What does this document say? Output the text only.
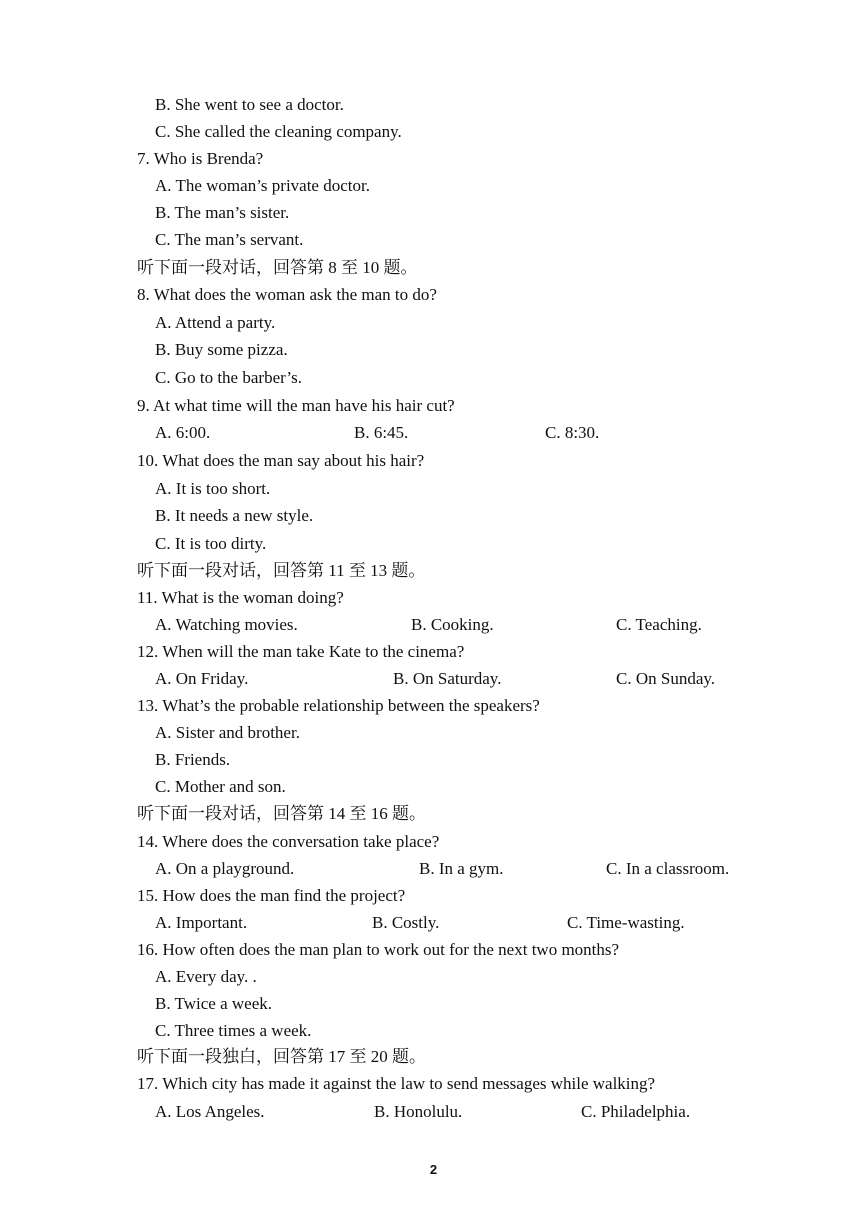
B. She went to see a doctor.
C. She called the cleaning company.
7. Who is Brenda?
A. The woman’s private doctor.
B. The man’s sister.
C. The man’s servant.
听下面一段对话，回答第 8 至 10 题。
8. What does the woman ask the man to do?
A. Attend a party.
B. Buy some pizza.
C. Go to the barber’s.
9. At what time will the man have his hair cut?
A. 6:00.	B. 6:45.	C. 8:30.
10. What does the man say about his hair?
A. It is too short.
B. It needs a new style.
C. It is too dirty.
听下面一段对话，回答第 11 至 13 题。
11. What is the woman doing?
A. Watching movies.	B. Cooking.	C. Teaching.
12. When will the man take Kate to the cinema?
A. On Friday.	B. On Saturday.	C. On Sunday.
13. What’s the probable relationship between the speakers?
A. Sister and brother.
B. Friends.
C. Mother and son.
听下面一段对话，回答第 14 至 16 题。
14. Where does the conversation take place?
A. On a playground.	B. In a gym.	C. In a classroom.
15. How does the man find the project?
A. Important.	B. Costly.	C. Time-wasting.
16. How often does the man plan to work out for the next two months?
A. Every day. .
B. Twice a week.
C. Three times a week.
听下面一段独白，回答第 17 至 20 题。
17. Which city has made it against the law to send messages while walking?
A. Los Angeles.	B. Honolulu.	C. Philadelphia.
2
